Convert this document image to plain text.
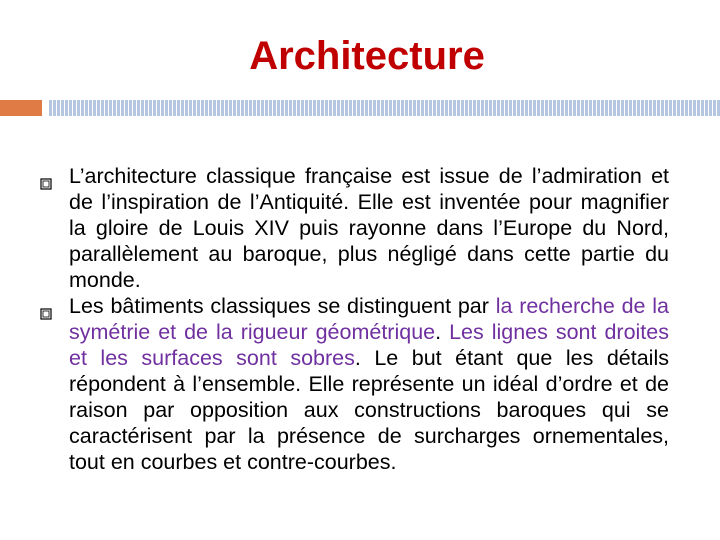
Architecture
L’architecture classique française est issue de l’admiration et de l’inspiration de l’Antiquité. Elle est inventée pour magnifier la gloire de Louis XIV puis rayonne dans l’Europe du Nord, parallèlement au baroque, plus négligé dans cette partie du monde.
Les bâtiments classiques se distinguent par la recherche de la symétrie et de la rigueur géométrique. Les lignes sont droites et les surfaces sont sobres. Le but étant que les détails répondent à l’ensemble. Elle représente un idéal d’ordre et de raison par opposition aux constructions baroques qui se caractérisent par la présence de surcharges ornementales, tout en courbes et contre-courbes.
